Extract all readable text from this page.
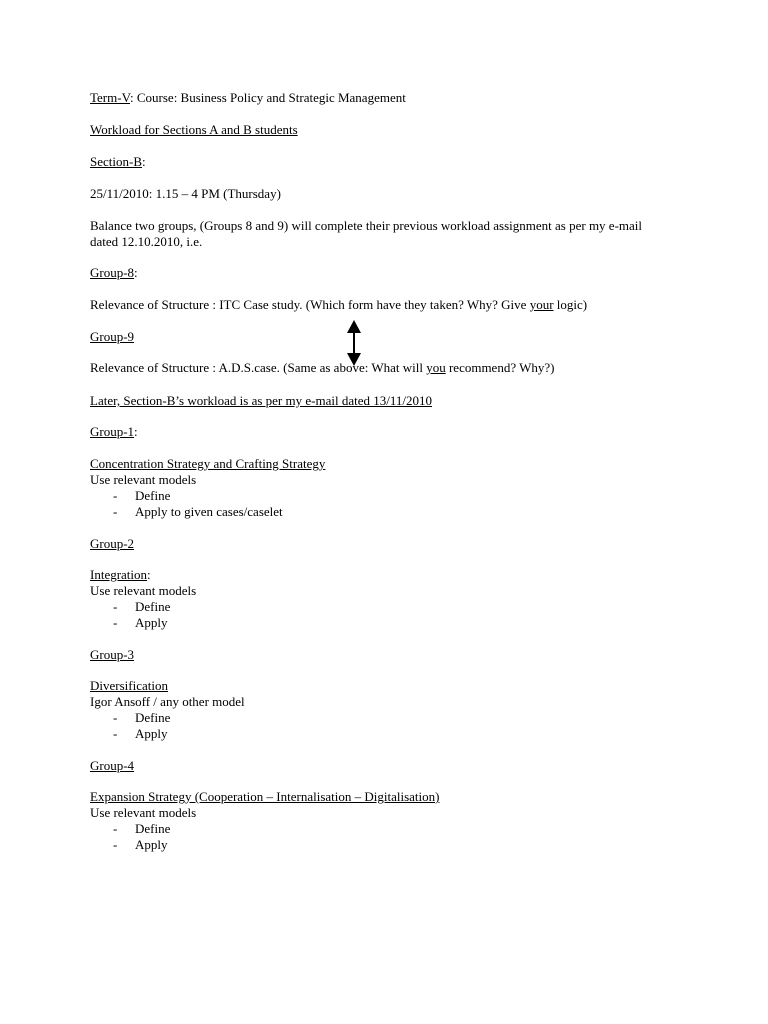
Term-V: Course: Business Policy and Strategic Management
Workload for Sections A and B students
Section-B:
25/11/2010: 1.15 – 4 PM (Thursday)
Balance two groups, (Groups 8 and 9) will complete their previous workload assignment as per my e-mail
dated 12.10.2010, i.e.
Group-8:
Relevance of Structure : ITC Case study. (Which form have they taken? Why? Give your logic)
Group-9
Relevance of Structure : A.D.S.case. (Same as above: What will you recommend? Why?)
Later, Section-B’s workload is as per my e-mail dated 13/11/2010
Group-1:
Concentration Strategy and Crafting Strategy
Use relevant models
- Define
- Apply to given cases/caselet
Group-2
Integration:
Use relevant models
- Define
- Apply
Group-3
Diversification
Igor Ansoff / any other model
- Define
- Apply
Group-4
Expansion Strategy (Cooperation – Internalisation – Digitalisation)
Use relevant models
- Define
- Apply
